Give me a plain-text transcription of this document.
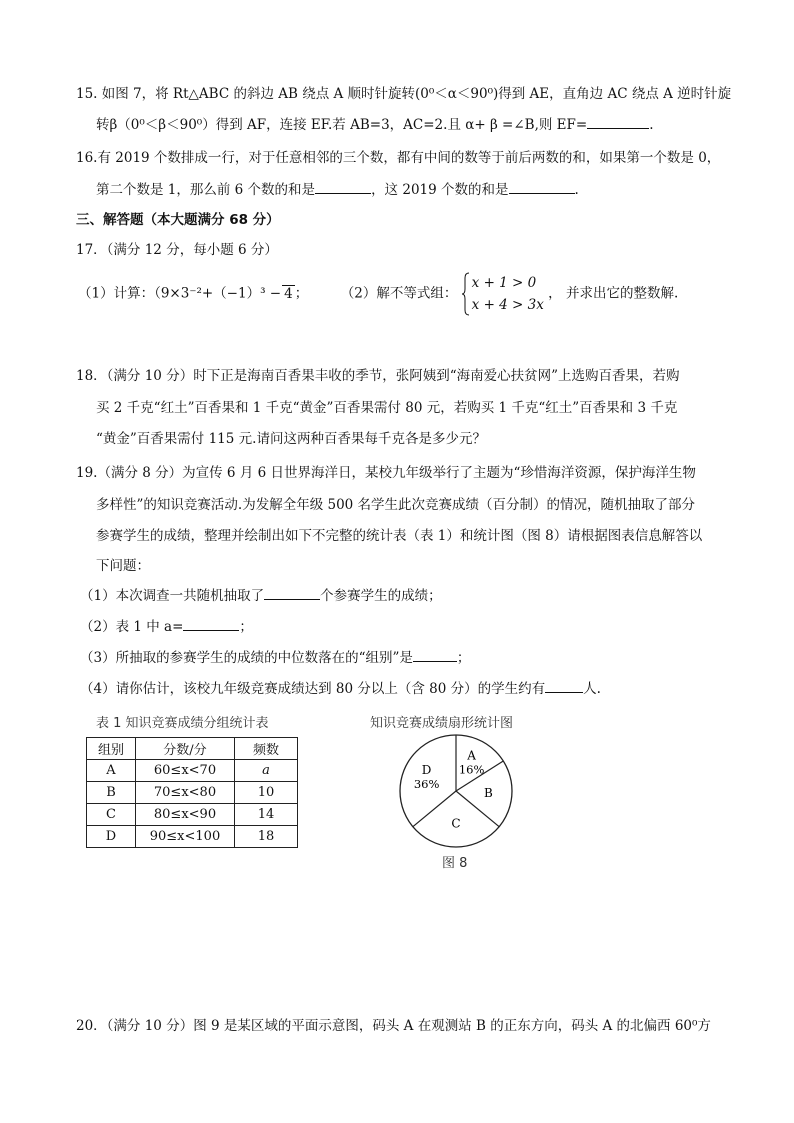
15. 如图 7，将 Rt△ABC 的斜边 AB 绕点 A 顺时针旋转(0⁰＜α＜90⁰)得到 AE，直角边 AC 绕点 A 逆时针旋
转β（0⁰＜β＜90⁰）得到 AF，连接 EF.若 AB=3，AC=2.且 α+ β =∠B,则 EF=	.
16.有 2019 个数排成一行，对于任意相邻的三个数，都有中间的数等于前后两数的和，如果第一个数是 0，
第二个数是 1，那么前 6 个数的和是	，这 2019 个数的和是	.
三、解答题（本大题满分 68 分）
17．（满分 12 分，每小题 6 分）
（1）计算：（9×3⁻²+（−1）³ − 4 ； （2）解不等式组：
x + 1 > 0
x + 4 > 3x
， 并求出它的整数解.
18．（满分 10 分）时下正是海南百香果丰收的季节，张阿姨到“海南爱心扶贫网”上选购百香果，若购
买 2 千克“红土”百香果和 1 千克“黄金”百香果需付 80 元，若购买 1 千克“红土”百香果和 3 千克
“黄金”百香果需付 115 元.请问这两种百香果每千克各是多少元？
19.（满分 8 分）为宣传 6 月 6 日世界海洋日，某校九年级举行了主题为“珍惜海洋资源，保护海洋生物
多样性”的知识竞赛活动.为发解全年级 500 名学生此次竞赛成绩（百分制）的情况，随机抽取了部分
参赛学生的成绩，整理并绘制出如下不完整的统计表（表 1）和统计图（图 8）请根据图表信息解答以
下问题：
（1）本次调查一共随机抽取了	个参赛学生的成绩；
（2）表 1 中 a=	；
（3）所抽取的参赛学生的成绩的中位数落在的“组别”是	；
（4）请你估计，该校九年级竞赛成绩达到 80 分以上（含 80 分）的学生约有	人.
表 1 知识竞赛成绩分组统计表
组别	分数/分	频数
A	60≤x<70	a
B	70≤x<80	10
C	80≤x<90	14
D	90≤x<100	18
知识竞赛成绩扇形统计图
A
16%
B
C
D
36%
图 8
20．（满分 10 分）图 9 是某区域的平面示意图，码头 A 在观测站 B 的正东方向，码头 A 的北偏西 60⁰方
